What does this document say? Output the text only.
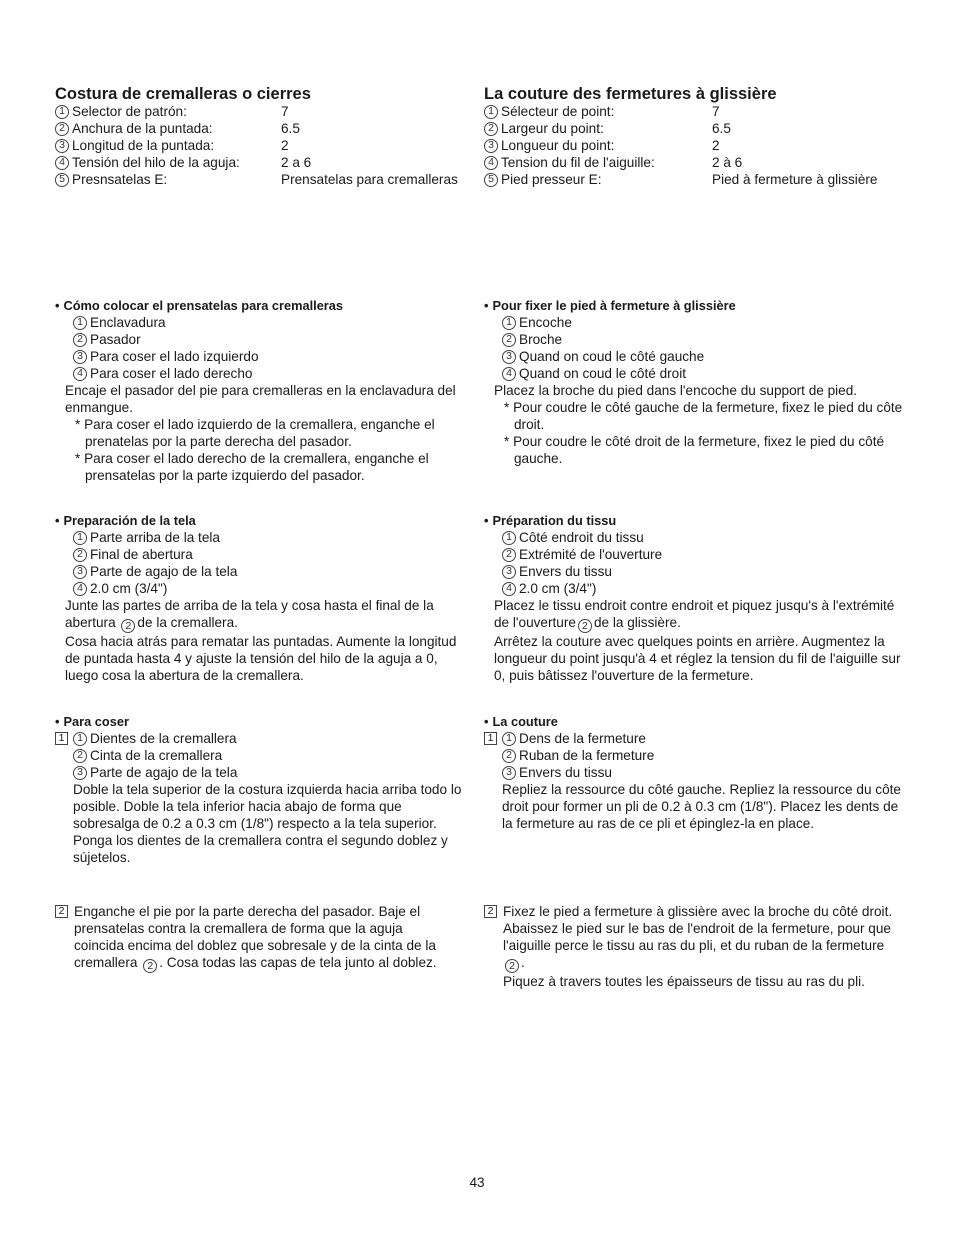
Costura de cremalleras o cierres
1 Selector de patrón:	7
2 Anchura de la puntada:	6.5
3 Longitud de la puntada:	2
4 Tensión del hilo de la aguja:	2 a 6
5 Presnsatelas E:	Prensatelas para cremalleras
• Cómo colocar el prensatelas para cremalleras
1 Enclavadura
2 Pasador
3 Para coser el lado izquierdo
4 Para coser el lado derecho

Encaje el pasador del pie para cremalleras en la enclavadura del enmangue.

* Para coser el lado izquierdo de la cremallera, enganche el prenatelas por la parte derecha del pasador.

* Para coser el lado derecho de la cremallera, enganche el prensatelas por la parte izquierdo del pasador.

• Preparación de la tela
1 Parte arriba de la tela
2 Final de abertura
3 Parte de agajo de la tela
4 2.0 cm (3/4")

Junte las partes de arriba de la tela y cosa hasta el final de la abertura 2 de la cremallera.

Cosa hacia atrás para rematar las puntadas. Aumente la longitud de puntada hasta 4 y ajuste la tensión del hilo de la aguja a 0, luego cosa la abertura de la cremallera.

• Para coser
1	1 Dientes de la cremallera
2 Cinta de la cremallera
3 Parte de agajo de la tela

Doble la tela superior de la costura izquierda hacia arriba todo lo posible. Doble la tela inferior hacia abajo de forma que sobresalga de 0.2 a 0.3 cm (1/8") respecto a la tela superior. Ponga los dientes de la cremallera contra el segundo doblez y sújetelos.

2 Enganche el pie por la parte derecha del pasador. Baje el prensatelas contra la cremallera de forma que la aguja coincida encima del doblez que sobresale y de la cinta de la cremallera 2 . Cosa todas las capas de tela junto al doblez.

La couture des fermetures à glissière
1 Sélecteur de point:	7
2 Largeur du point:	6.5
3 Longueur du point:	2
4 Tension du fil de l'aiguille:	2 à 6
5 Pied presseur E:	Pied à fermeture à glissière
• Pour fixer le pied à fermeture à glissière
1 Encoche
2 Broche
3 Quand on coud le côté gauche
4 Quand on coud le côté droit

Placez la broche du pied dans l'encoche du support de pied.

* Pour coudre le côté gauche de la fermeture, fixez le pied du côte droit.

* Pour coudre le côté droit de la fermeture, fixez le pied du côté gauche.

• Préparation du tissu
1 Côté endroit du tissu
2 Extrémité de l'ouverture
3 Envers du tissu
4 2.0 cm (3/4")

Placez le tissu endroit contre endroit et piquez jusqu's à l'extrémité de l'ouverture 2 de la glissière.

Arrêtez la couture avec quelques points en arrière. Augmentez la longueur du point jusqu'à 4 et réglez la tension du fil de l'aiguille sur 0, puis bâtissez l'ouverture de la fermeture.

• La couture
1	1 Dens de la fermeture
2 Ruban de la fermeture
3 Envers du tissu

Repliez la ressource du côté gauche. Repliez la ressource du côte droit pour former un pli de 0.2 à 0.3 cm (1/8"). Placez les dents de la fermeture au ras de ce pli et épinglez-la en place.

2 Fixez le pied a fermeture à glissière avec la broche du côté droit. Abaissez le pied sur le bas de l'endroit de la fermeture, pour que l'aiguille perce le tissu au ras du pli, et du ruban de la fermeture 2 .

Piquez à travers toutes les épaisseurs de tissu au ras du pli.

43
